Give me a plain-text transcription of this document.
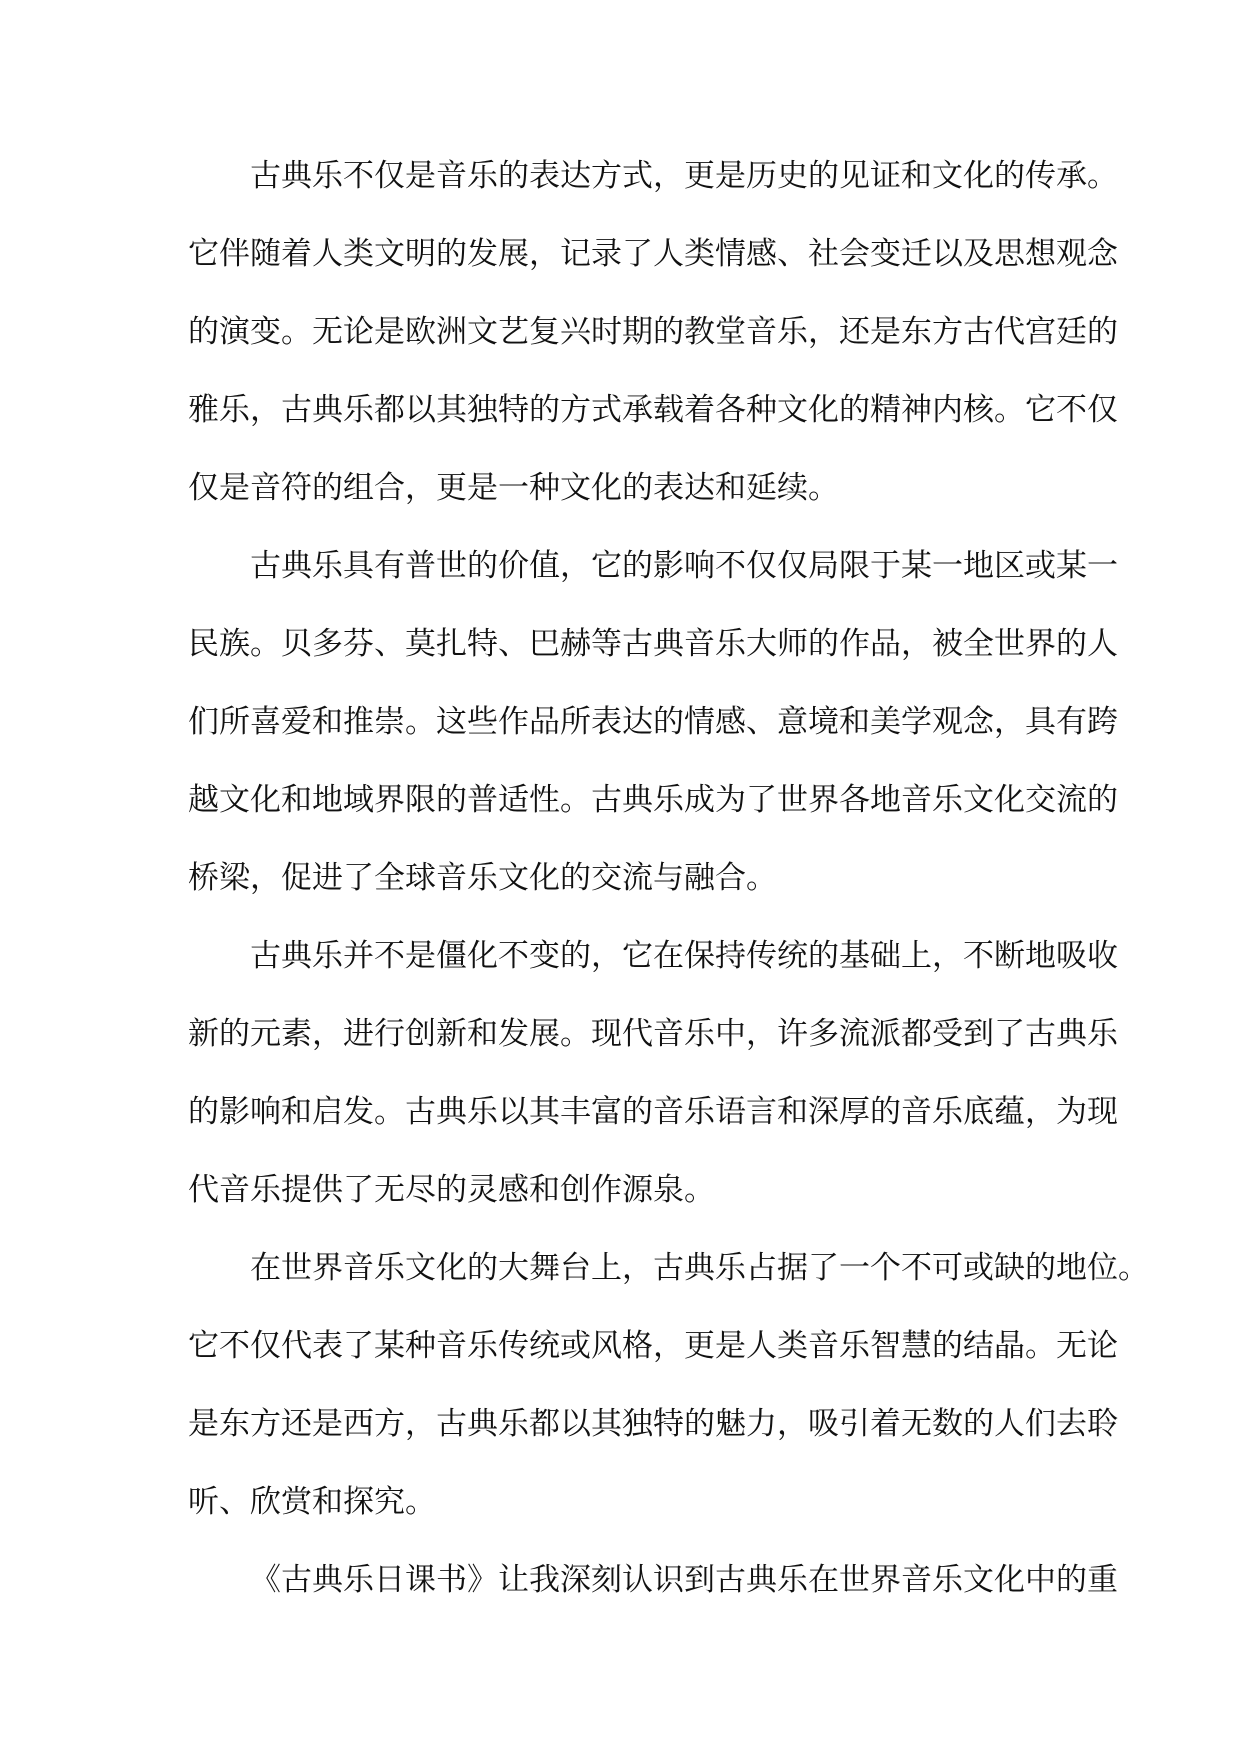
古典乐不仅是音乐的表达方式，更是历史的见证和文化的传承。
它伴随着人类文明的发展，记录了人类情感、社会变迁以及思想观念
的演变。无论是欧洲文艺复兴时期的教堂音乐，还是东方古代宫廷的
雅乐，古典乐都以其独特的方式承载着各种文化的精神内核。它不仅
仅是音符的组合，更是一种文化的表达和延续。
古典乐具有普世的价值，它的影响不仅仅局限于某一地区或某一
民族。贝多芬、莫扎特、巴赫等古典音乐大师的作品，被全世界的人
们所喜爱和推崇。这些作品所表达的情感、意境和美学观念，具有跨
越文化和地域界限的普适性。古典乐成为了世界各地音乐文化交流的
桥梁，促进了全球音乐文化的交流与融合。
古典乐并不是僵化不变的，它在保持传统的基础上，不断地吸收
新的元素，进行创新和发展。现代音乐中，许多流派都受到了古典乐
的影响和启发。古典乐以其丰富的音乐语言和深厚的音乐底蕴，为现
代音乐提供了无尽的灵感和创作源泉。
在世界音乐文化的大舞台上，古典乐占据了一个不可或缺的地位。
它不仅代表了某种音乐传统或风格，更是人类音乐智慧的结晶。无论
是东方还是西方，古典乐都以其独特的魅力，吸引着无数的人们去聆
听、欣赏和探究。
《古典乐日课书》让我深刻认识到古典乐在世界音乐文化中的重
